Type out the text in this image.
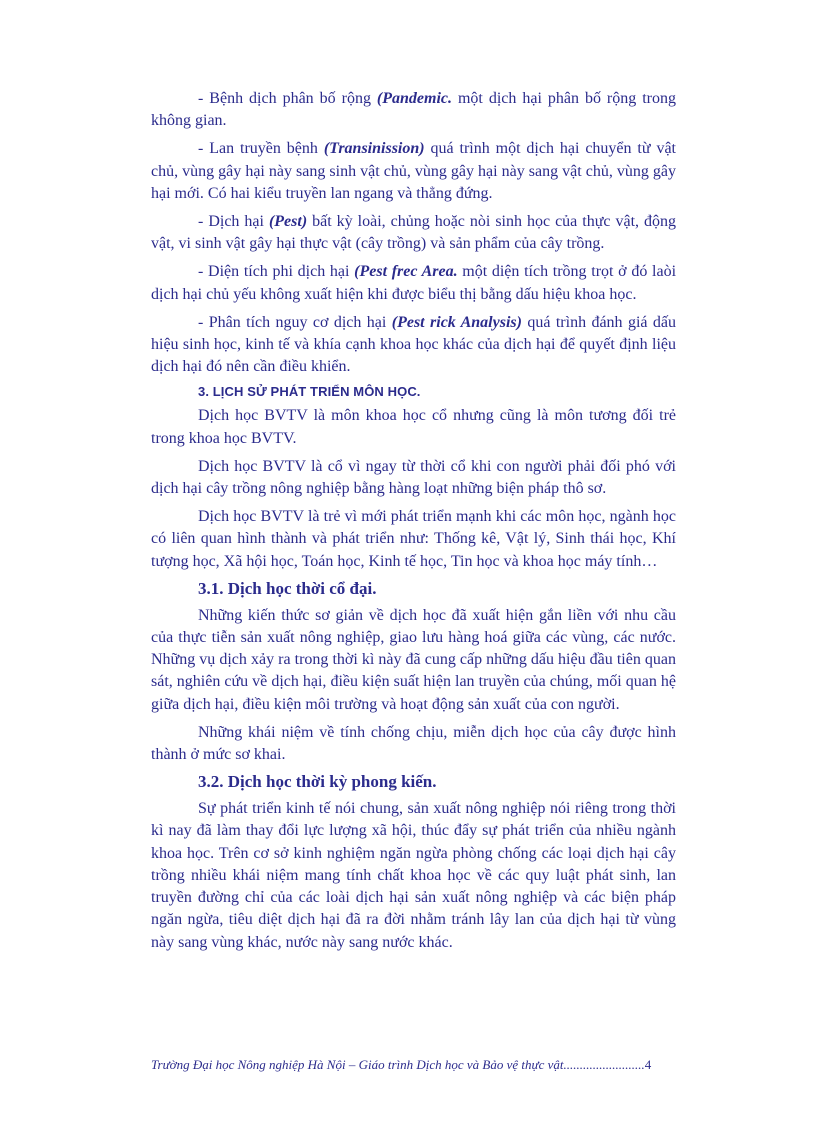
- Bệnh dịch phân bố rộng (Pandemic. một dịch hại phân bố rộng trong không gian.

- Lan truyền bệnh (Transinission) quá trình một dịch hại chuyển từ vật chủ, vùng gây hại này sang sinh vật chủ, vùng gây hại này sang vật chủ, vùng gây hại mới. Có hai kiểu truyền lan ngang và thẳng đứng.

- Dịch hại (Pest) bất kỳ loài, chủng hoặc nòi sinh học của thực vật, động vật, vi sinh vật gây hại thực vật (cây trồng) và sản phẩm của cây trồng.

- Diện tích phi dịch hại (Pest frec Area. một diện tích trồng trọt ở đó laòi dịch hại chủ yếu không xuất hiện khi được biểu thị bằng dấu hiệu khoa học.

- Phân tích nguy cơ dịch hại (Pest rick Analysis) quá trình đánh giá dấu hiệu sinh học, kinh tế và khía cạnh khoa học khác của dịch hại để quyết định liệu dịch hại đó nên cần điều khiển.

3. LỊCH SỬ PHÁT TRIỂN MÔN HỌC.

Dịch học BVTV là môn khoa học cổ nhưng cũng là môn tương đối trẻ trong khoa học BVTV.

Dịch học BVTV là cổ vì ngay từ thời cổ khi con người phải đối phó với dịch hại cây trồng nông nghiệp bằng hàng loạt những biện pháp thô sơ.

Dịch học BVTV là trẻ vì mới phát triển mạnh khi các môn học, ngành học có liên quan hình thành và phát triển như: Thống kê, Vật lý, Sinh thái học, Khí tượng học, Xã hội học, Toán học, Kinh tế học, Tin học và khoa học máy tính…

3.1. Dịch học thời cổ đại.

Những kiến thức sơ giản về dịch học đã xuất hiện gắn liền với nhu cầu của thực tiễn sản xuất nông nghiệp, giao lưu hàng hoá giữa các vùng, các nước. Những vụ dịch xảy ra trong thời kì này đã cung cấp những dấu hiệu đầu tiên quan sát, nghiên cứu về dịch hại, điều kiện suất hiện lan truyền của chúng, mối quan hệ giữa dịch hại, điều kiện môi trường và hoạt động sản xuất của con người.

Những khái niệm về tính chống chịu, miễn dịch học của cây được hình thành ở mức sơ khai.

3.2. Dịch học thời kỳ phong kiến.

Sự phát triển kinh tế nói chung, sản xuất nông nghiệp nói riêng trong thời kì nay đã làm thay đổi lực lượng xã hội, thúc đẩy sự phát triển của nhiều ngành khoa học. Trên cơ sở kinh nghiệm ngăn ngừa phòng chống các loại dịch hại cây trồng nhiều khái niệm mang tính chất khoa học về các quy luật phát sinh, lan truyền đường chỉ của các loài dịch hại sản xuất nông nghiệp và các biện pháp ngăn ngừa, tiêu diệt dịch hại đã ra đời nhằm tránh lây lan của dịch hại từ vùng này sang vùng khác, nước này sang nước khác.

Trường Đại học Nông nghiệp Hà Nội – Giáo trình Dịch học và Bảo vệ thực vật.........................4
